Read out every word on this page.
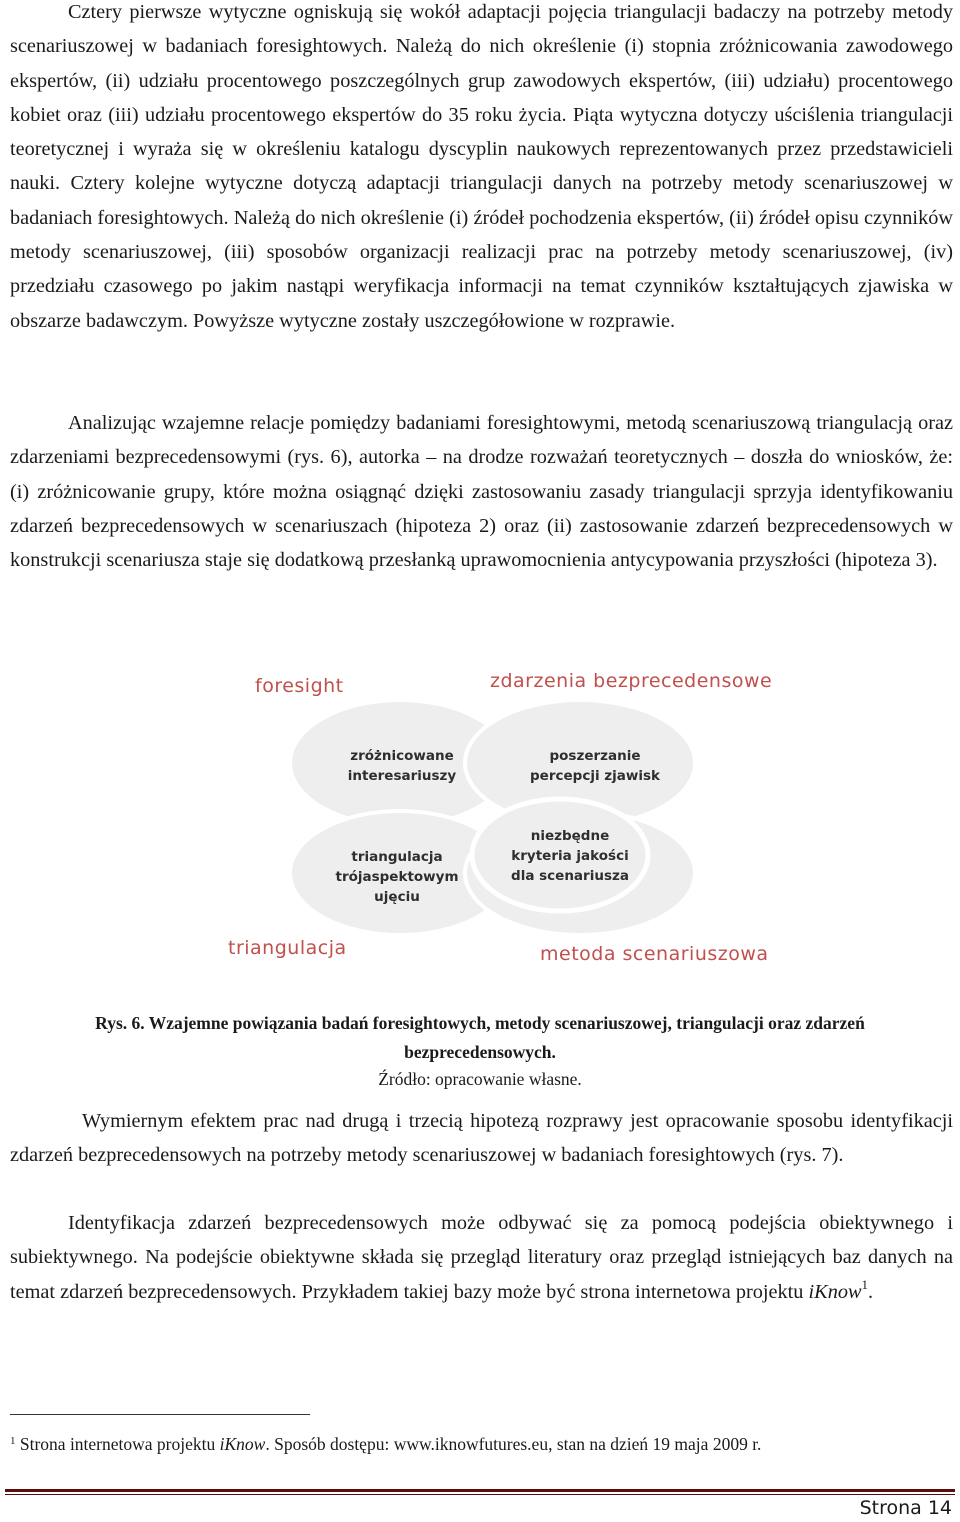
Cztery pierwsze wytyczne ogniskują się wokół adaptacji pojęcia triangulacji badaczy na potrzeby metody scenariuszowej w badaniach foresightowych. Należą do nich określenie (i) stopnia zróżnicowania zawodowego ekspertów, (ii) udziału procentowego poszczególnych grup zawodowych ekspertów, (iii) udziału) procentowego kobiet oraz (iii) udziału procentowego ekspertów do 35 roku życia. Piąta wytyczna dotyczy uściślenia triangulacji teoretycznej i wyraża się w określeniu katalogu dyscyplin naukowych reprezentowanych przez przedstawicieli nauki. Cztery kolejne wytyczne dotyczą adaptacji triangulacji danych na potrzeby metody scenariuszowej w badaniach foresightowych. Należą do nich określenie (i) źródeł pochodzenia ekspertów, (ii) źródeł opisu czynników metody scenariuszowej, (iii) sposobów organizacji realizacji prac na potrzeby metody scenariuszowej, (iv) przedziału czasowego po jakim nastąpi weryfikacja informacji na temat czynników kształtujących zjawiska w obszarze badawczym. Powyższe wytyczne zostały uszczegółowione w rozprawie.

Analizując wzajemne relacje pomiędzy badaniami foresightowymi, metodą scenariuszową triangulacją oraz zdarzeniami bezprecedensowymi (rys. 6), autorka – na drodze rozważań teoretycznych – doszła do wniosków, że: (i) zróżnicowanie grupy, które można osiągnąć dzięki zastosowaniu zasady triangulacji sprzyja identyfikowaniu zdarzeń bezprecedensowych w scenariuszach (hipoteza 2) oraz (ii) zastosowanie zdarzeń bezprecedensowych w konstrukcji scenariusza staje się dodatkową przesłanką uprawomocnienia antycypowania przyszłości (hipoteza 3).

Wymiernym efektem prac nad drugą i trzecią hipotezą rozprawy jest opracowanie sposobu identyfikacji zdarzeń bezprecedensowych na potrzeby metody scenariuszowej w badaniach foresightowych (rys. 7).

Identyfikacja zdarzeń bezprecedensowych może odbywać się za pomocą podejścia obiektywnego i subiektywnego. Na podejście obiektywne składa się przegląd literatury oraz przegląd istniejących baz danych na temat zdarzeń bezprecedensowych. Przykładem takiej bazy może być strona internetowa projektu iKnow$^1$.

foresight	zdarzenia bezprecedensowe
triangulacja	metoda scenariuszowa
zróżnicowane
interesariuszy
poszerzanie
percepcji zjawisk
niezbędne
kryteria jakości
dla scenariusza
triangulacja
trójaspektowym
ujęciu
Rys. 6. Wzajemne powiązania badań foresightowych, metody scenariuszowej, triangulacji oraz zdarzeń
bezprecedensowych.
Źródło: opracowanie własne.
$^1$ Strona internetowa projektu iKnow. Sposób dostępu: www.iknowfutures.eu, stan na dzień 19 maja 2009 r.
Strona 14
